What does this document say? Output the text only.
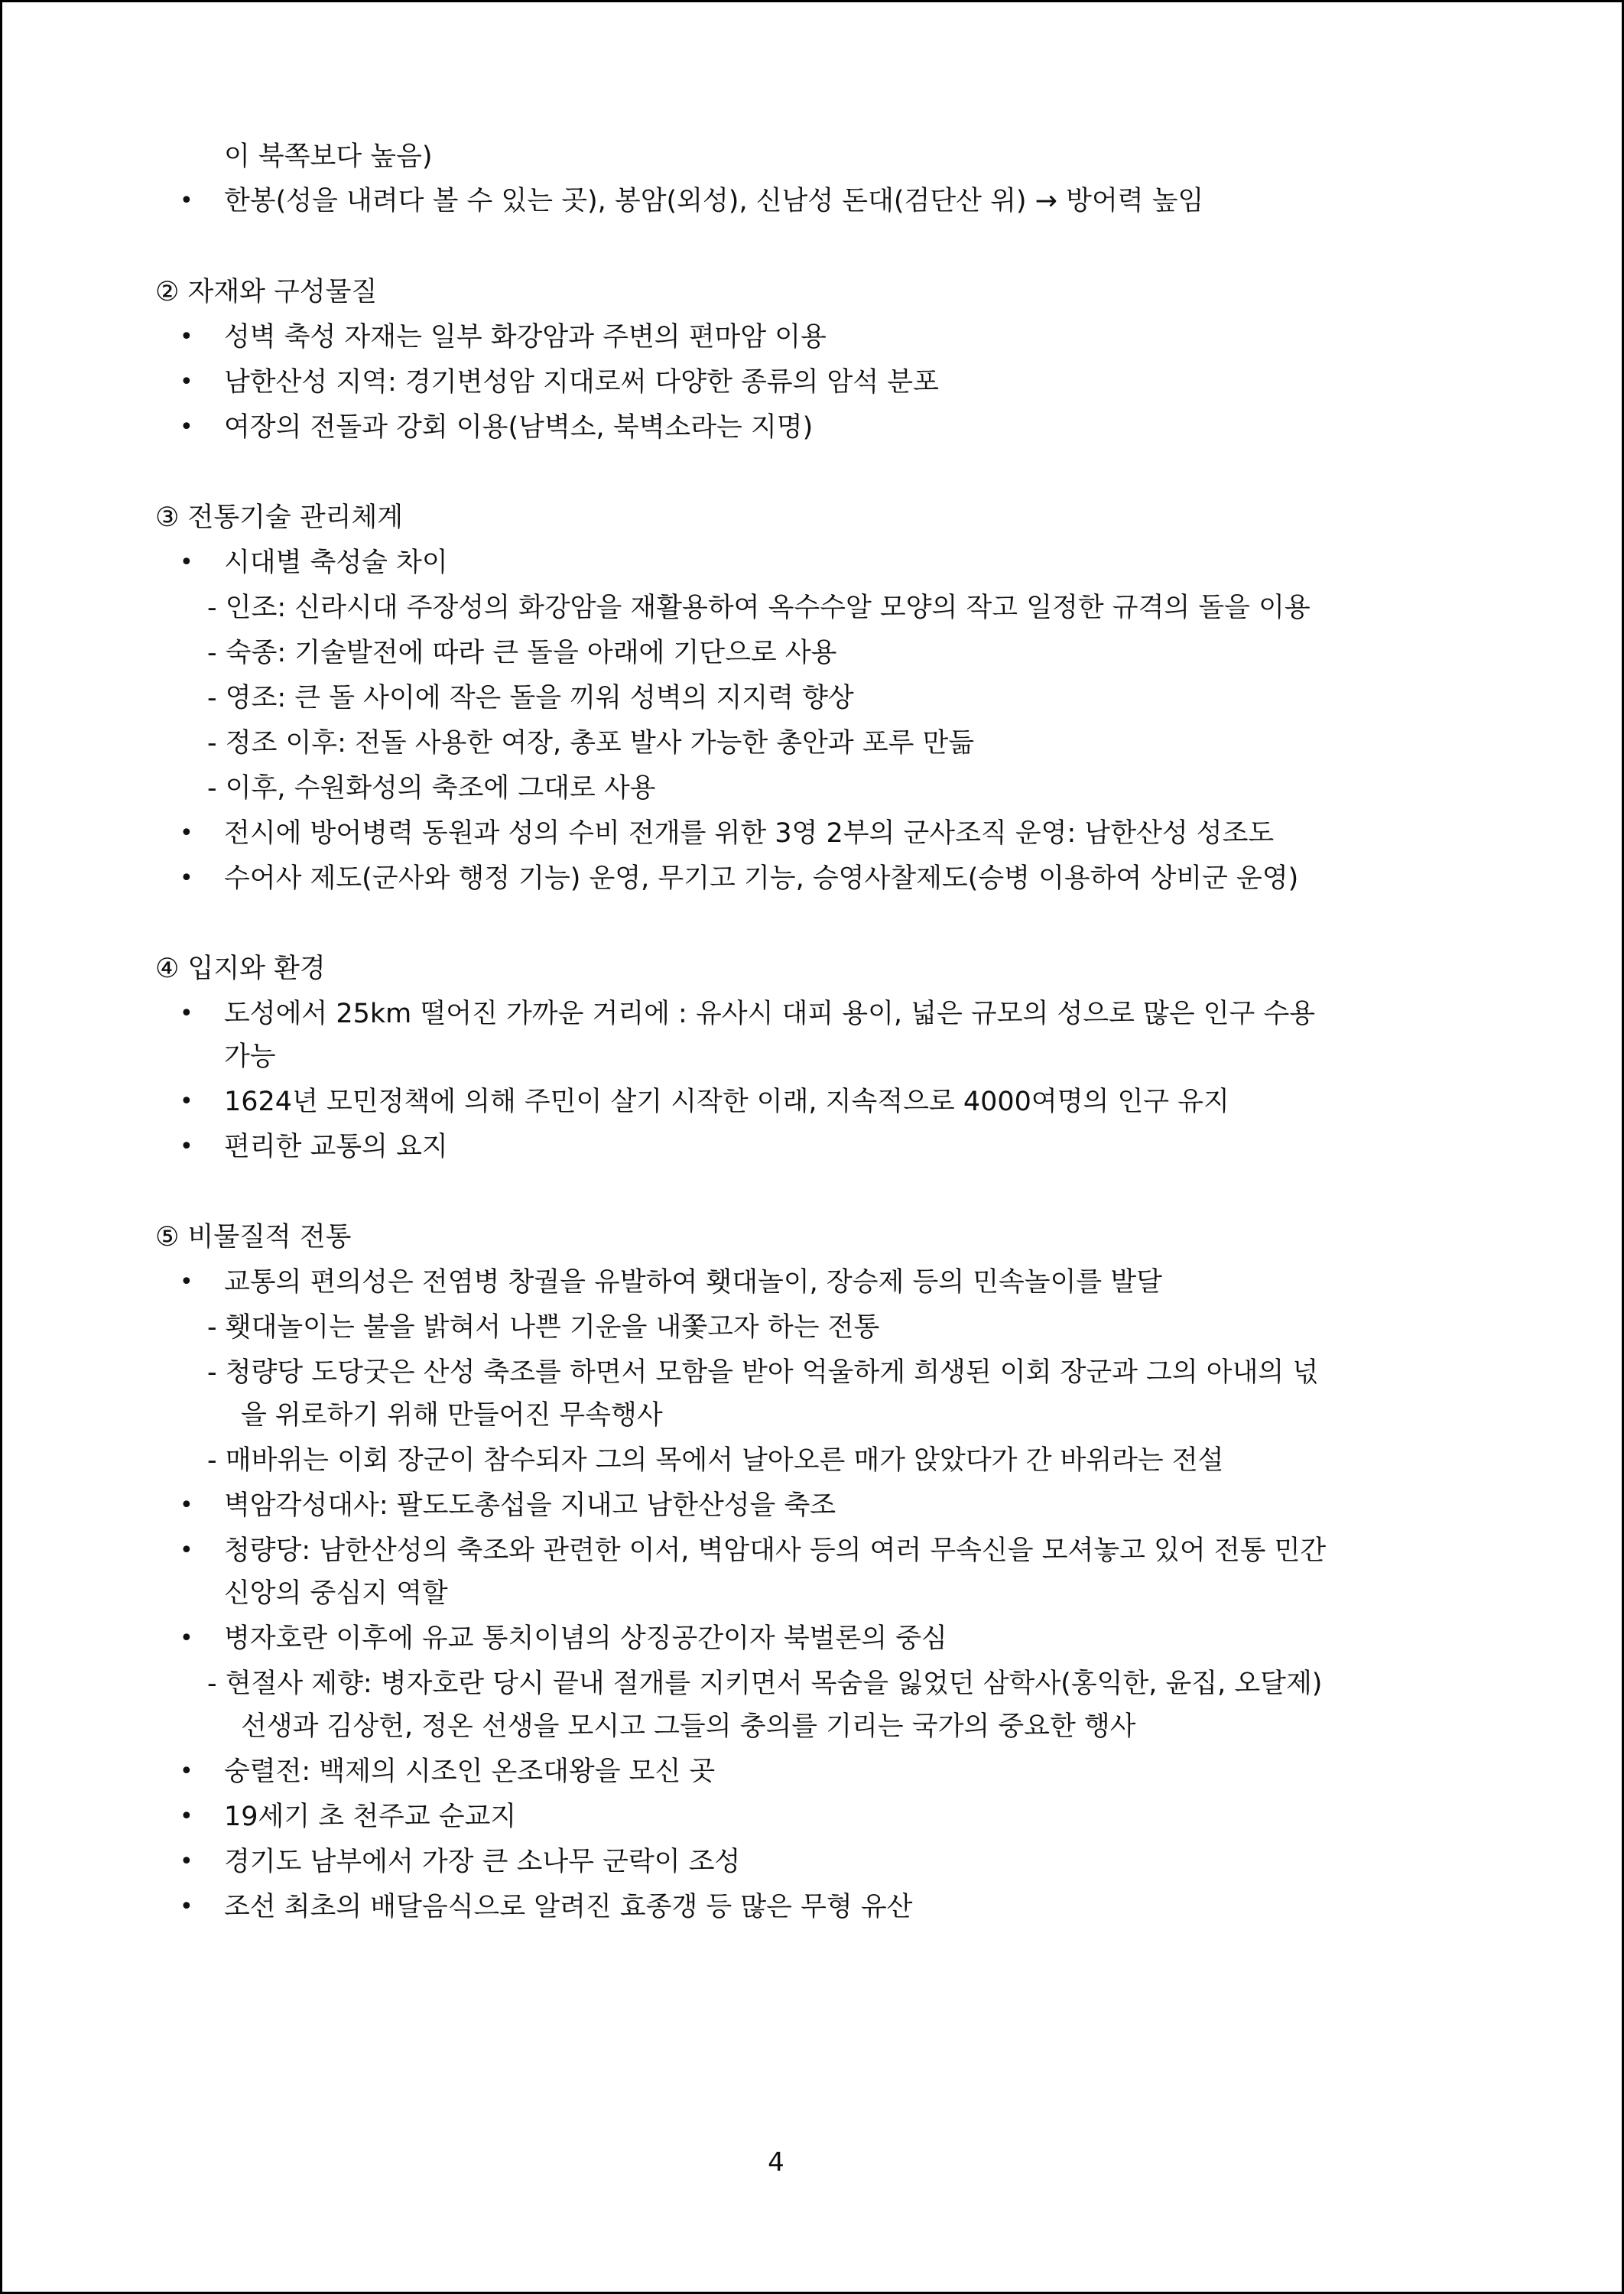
이 북쪽보다 높음)
• 한봉(성을 내려다 볼 수 있는 곳), 봉암(외성), 신남성 돈대(검단산 위) → 방어력 높임
② 자재와 구성물질
• 성벽 축성 자재는 일부 화강암과 주변의 편마암 이용
• 남한산성 지역: 경기변성암 지대로써 다양한 종류의 암석 분포
• 여장의 전돌과 강회 이용(남벽소, 북벽소라는 지명)
③ 전통기술 관리체계
• 시대별 축성술 차이
- 인조: 신라시대 주장성의 화강암을 재활용하여 옥수수알 모양의 작고 일정한 규격의 돌을 이용
- 숙종: 기술발전에 따라 큰 돌을 아래에 기단으로 사용
- 영조: 큰 돌 사이에 작은 돌을 끼워 성벽의 지지력 향상
- 정조 이후: 전돌 사용한 여장, 총포 발사 가능한 총안과 포루 만듦
- 이후, 수원화성의 축조에 그대로 사용
• 전시에 방어병력 동원과 성의 수비 전개를 위한 3영 2부의 군사조직 운영: 남한산성 성조도
• 수어사 제도(군사와 행정 기능) 운영, 무기고 기능, 승영사찰제도(승병 이용하여 상비군 운영)
④ 입지와 환경
• 도성에서 25km 떨어진 가까운 거리에 : 유사시 대피 용이, 넓은 규모의 성으로 많은 인구 수용
가능
• 1624년 모민정책에 의해 주민이 살기 시작한 이래, 지속적으로 4000여명의 인구 유지
• 편리한 교통의 요지
⑤ 비물질적 전통
• 교통의 편의성은 전염병 창궐을 유발하여 횃대놀이, 장승제 등의 민속놀이를 발달
- 횃대놀이는 불을 밝혀서 나쁜 기운을 내쫓고자 하는 전통
- 청량당 도당굿은 산성 축조를 하면서 모함을 받아 억울하게 희생된 이회 장군과 그의 아내의 넋
을 위로하기 위해 만들어진 무속행사
- 매바위는 이회 장군이 참수되자 그의 목에서 날아오른 매가 앉았다가 간 바위라는 전설
• 벽암각성대사: 팔도도총섭을 지내고 남한산성을 축조
• 청량당: 남한산성의 축조와 관련한 이서, 벽암대사 등의 여러 무속신을 모셔놓고 있어 전통 민간
신앙의 중심지 역할
• 병자호란 이후에 유교 통치이념의 상징공간이자 북벌론의 중심
- 현절사 제향: 병자호란 당시 끝내 절개를 지키면서 목숨을 잃었던 삼학사(홍익한, 윤집, 오달제)
선생과 김상헌, 정온 선생을 모시고 그들의 충의를 기리는 국가의 중요한 행사
• 숭렬전: 백제의 시조인 온조대왕을 모신 곳
• 19세기 초 천주교 순교지
• 경기도 남부에서 가장 큰 소나무 군락이 조성
• 조선 최초의 배달음식으로 알려진 효종갱 등 많은 무형 유산
4
